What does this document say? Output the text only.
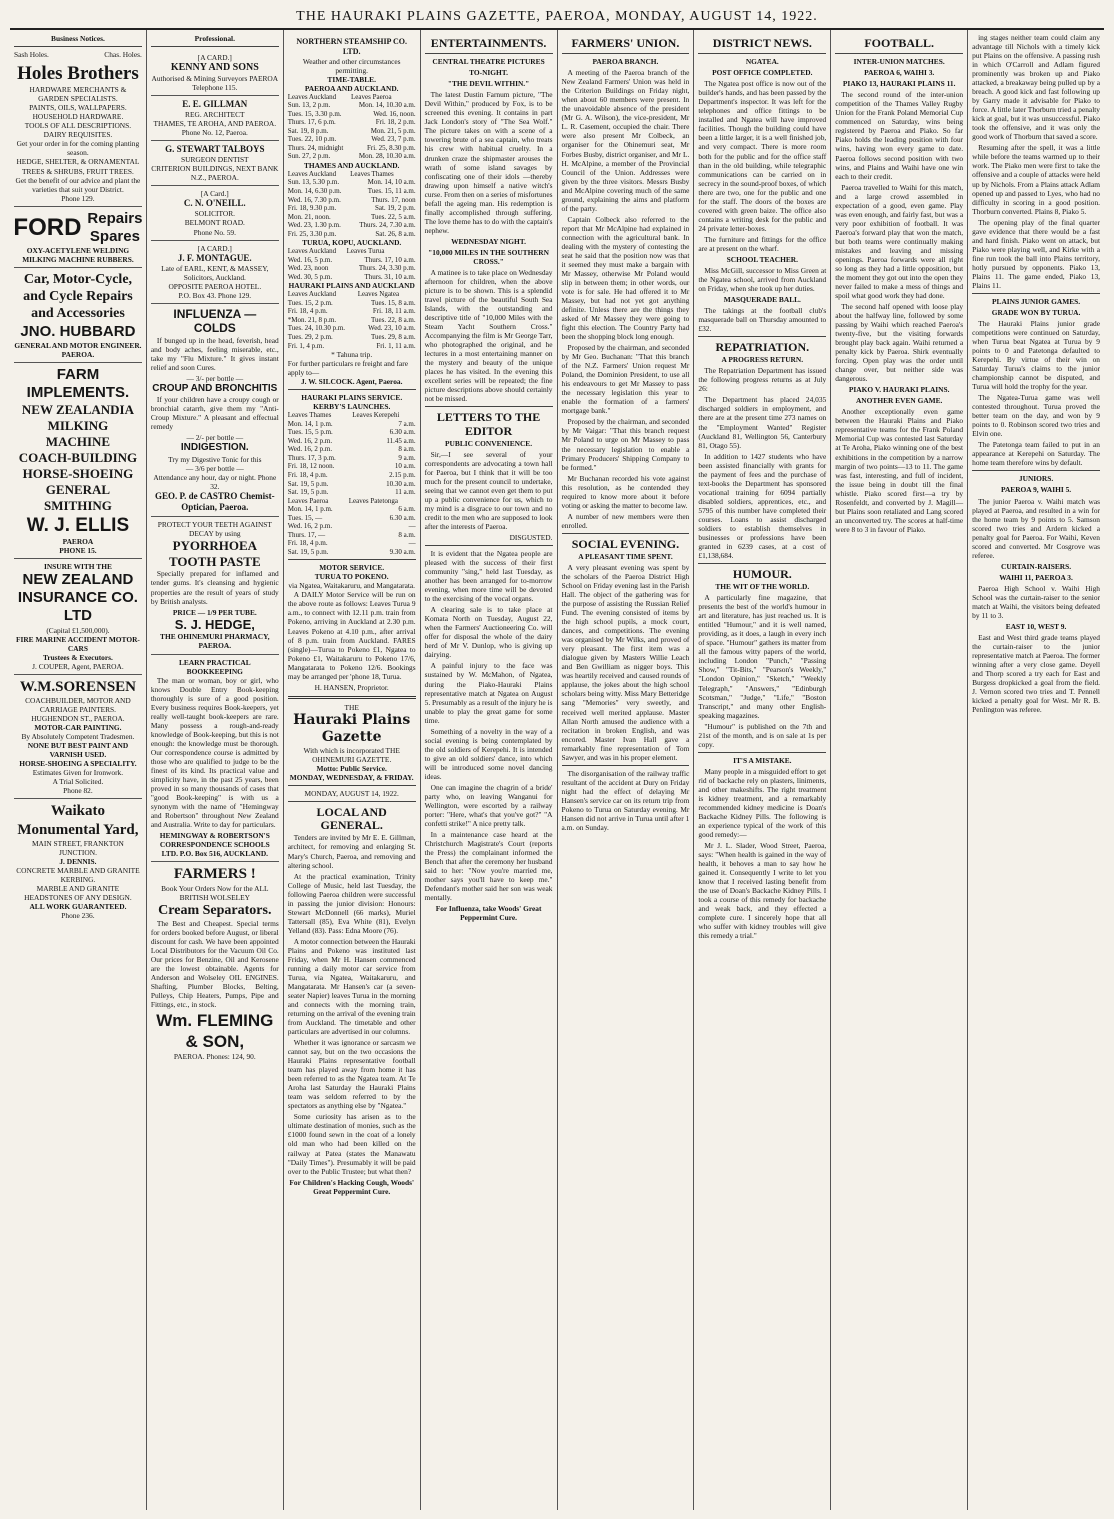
THE HAURAKI PLAINS GAZETTE, PAEROA, MONDAY, AUGUST 14, 1922.
Business Notices.
Sash Holes.	Chas. Holes.
Holes Brothers
HARDWARE MERCHANTS & GARDEN SPECIALISTS.
PAINTS, OILS, WALLPAPERS.
HOUSEHOLD HARDWARE.
TOOLS OF ALL DESCRIPTIONS. DAIRY REQUISITES.
Get your order in for the coming planting season.
HEDGE, SHELTER, & ORNAMENTAL TREES & SHRUBS, FRUIT TREES.
Get the benefit of our advice and plant the varieties that suit your District.
Phone 129.
FORD Repairs Spares
OXY-ACETYLENE WELDING
MILKING MACHINE RUBBERS.
Car, Motor-Cycle, and Cycle Repairs and Accessories
JNO. HUBBARD
GENERAL AND MOTOR ENGINEER.
PAEROA.
FARM IMPLEMENTS.
NEW ZEALANDIA MILKING MACHINE
COACH-BUILDING HORSE-SHOEING GENERAL SMITHING
W. J. ELLIS
PAEROA
PHONE 15.
INSURE WITH THE
NEW ZEALAND INSURANCE CO. LTD
(Capital £1,500,000).
FIRE MARINE ACCIDENT MOTOR-CARS
Trustees & Executors.
J. COUPER, Agent, PAEROA.
W.M.SORENSEN
COACHBUILDER, MOTOR AND CARRIAGE PAINTERS.
HUGHENDON ST., PAEROA.
MOTOR-CAR PAINTING.
By Absolutely Competent Tradesmen.
NONE BUT BEST PAINT AND VARNISH USED.
HORSE-SHOEING A SPECIALITY.
Estimates Given for Ironwork.
A Trial Solicited.
Phone 82.
Waikato Monumental Yard,
MAIN STREET, FRANKTON JUNCTION.
J. DENNIS.
CONCRETE MARBLE AND GRANITE KERBING.
MARBLE AND GRANITE HEADSTONES OF ANY DESIGN.
ALL WORK GUARANTEED.
Phone 236.
Professional.
[A CARD.]
KENNY AND SONS
Authorised & Mining Surveyors PAEROA
Telephone 115.
E. E. GILLMAN
REG. ARCHITECT
THAMES, TE AROHA, AND PAEROA.
Phone No. 12, Paeroa.
G. STEWART TALBOYS
SURGEON DENTIST
CRITERION BUILDINGS, NEXT BANK N.Z., PAEROA.
[A Card.]
C. N. O'NEILL.
SOLICITOR.
BELMONT ROAD.
Phone No. 59.
[A CARD.]
J. F. MONTAGUE.
Late of EARL, KENT, & MASSEY, Solicitors, Auckland.
OPPOSITE PAEROA HOTEL.
P.O. Box 43. Phone 129.
INFLUENZA — COLDS

If bunged up in the head, feverish, head and body aches, feeling miserable, etc., take my "Flu Mixture." It gives instant relief and soon Cures.

— 3/- per bottle —
CROUP AND BRONCHITIS

If your children have a croupy cough or bronchial catarrh, give them my "Anti-Croup Mixture." A pleasant and effectual remedy

— 2/- per bottle —
INDIGESTION.
Try my Digestive Tonic for this
— 3/6 per bottle —
Attendance any hour, day or night. Phone 32.
GEO. P. de CASTRO Chemist-Optician, Paeroa.
PROTECT YOUR TEETH AGAINST DECAY by using
PYORRHOEA TOOTH PASTE

Specially prepared for inflamed and tender gums. It's cleansing and hygienic properties are the result of years of study by British analysts.

PRICE — 1/9 PER TUBE.
S. J. HEDGE,
THE OHINEMURI PHARMACY, PAEROA.
LEARN PRACTICAL BOOKKEEPING

The man or woman, boy or girl, who knows Double Entry Book-keeping thoroughly is sure of a good position. Every business requires Book-keepers, yet really well-taught book-keepers are rare. Many possess a rough-and-ready knowledge of Book-keeping, but this is not enough: the knowledge must be thorough. Our correspondence course is admitted by those who are qualified to judge to be the finest of its kind. Its practical value and simplicity have, in the past 25 years, been proved in so many thousands of cases that "good Book-keeping" is with us a synonym with the name of "Hemingway and Robertson" throughout New Zealand and Australia. Write to day for particulars.

HEMINGWAY & ROBERTSON'S CORRESPONDENCE SCHOOLS LTD. P.O. Box 516, AUCKLAND.
FARMERS !
Book Your Orders Now for the ALL BRITISH WOLSELEY
Cream Separators.

The Best and Cheapest. Special terms for orders booked before August, or liberal discount for cash. We have been appointed Local Distributors for the Vacuum Oil Co. Our prices for Benzine, Oil and Kerosene are the lowest obtainable. Agents for Anderson and Wolseley OIL ENGINES. Shafting, Plumber Blocks, Belting, Pulleys, Chip Heaters, Pumps, Pipe and Fittings, etc., in stock.

Wm. FLEMING & SON,
PAEROA. Phones: 124, 90.
NORTHERN STEAMSHIP CO. LTD.
Weather and other circumstances permitting.
TIME-TABLE.
PAEROA AND AUCKLAND.
Leaves Auckland	Leaves Paeroa
Sun. 13, 2 p.m.	Mon. 14, 10.30 a.m.
Tues. 15, 3.30 p.m.	Wed. 16, noon.
Thurs. 17, 6 p.m.	Fri. 18, 2 p.m.
Sat. 19, 8 p.m.	Mon. 21, 5 p.m.
Tues. 22, 10 p.m.	Wed. 23, 7 p.m.
Thurs. 24, midnight	Fri. 25, 8.30 p.m.
Sun. 27, 2 p.m.	Mon. 28, 10.30 a.m.
THAMES AND AUCKLAND.
Leaves Auckland	Leaves Thames
Sun. 13, 5.30 p.m.	Mon. 14, 10 a.m.
Mon. 14, 6.30 p.m.	Tues. 15, 11 a.m.
Wed. 16, 7.30 p.m.	Thurs. 17, noon
Fri. 18, 9.30 p.m.	Sat. 19, 2 p.m.
Mon. 21, noon.	Tues. 22, 5 a.m.
Wed. 23, 1.30 p.m.	Thurs. 24, 7.30 a.m.
Fri. 25, 3.30 p.m.	Sat. 26, 8 a.m.
TURUA, KOPU, AUCKLAND.
Leaves Auckland	Leaves Turua
Wed. 16, 5 p.m.	Thurs. 17, 10 a.m.
Wed. 23, noon	Thurs. 24, 3.30 p.m.
Wed. 30, 5 p.m.	Thurs. 31, 10 a.m.
HAURAKI PLAINS AND AUCKLAND
Leaves Auckland	Leaves Ngatea
Tues. 15, 2 p.m.	Tues. 15, 8 a.m.
Fri. 18, 4 p.m.	Fri. 18, 11 a.m.
*Mon. 21, 8 p.m.	Tues. 22, 8 a.m.
Tues. 24, 10.30 p.m.	Wed. 23, 10 a.m.
Tues. 29, 2 p.m.	Tues. 29, 8 a.m.
Fri. 1, 4 p.m.	Fri. 1, 11 a.m.
* Tahuna trip.
For further particulars re freight and fare apply to—
J. W. SILCOCK. Agent, Paeroa.
HAURAKI PLAINS SERVICE.
KERBY'S LAUNCHES.
Leaves Thames	Leaves Kerepehi
Mon. 14, 1 p.m.	7 a.m.
Tues. 15, 5 p.m.	6.30 a.m.
Wed. 16, 2 p.m.	11.45 a.m.
Wed. 16, 2 p.m.	8 a.m.
Thurs. 17, 3 p.m.	9 a.m.
Fri. 18, 12 noon.	10 a.m.
Fri. 18, 4 p.m.	2.15 p.m.
Sat. 19, 5 p.m.	10.30 a.m.
Sat. 19, 5 p.m.	11 a.m.
Leaves Paeroa	Leaves Patetonga
Mon. 14, 1 p.m.	6 a.m.
Tues. 15, —	6.30 a.m.
Wed. 16, 2 p.m.	—
Thurs. 17, —	8 a.m.
Fri. 18, 4 p.m.	—
Sat. 19, 5 p.m.	9.30 a.m.
MOTOR SERVICE.
TURUA TO POKENO.
via Ngatea, Waitakaruru, and Mangatarata.

A DAILY Motor Service will be run on the above route as follows: Leaves Turua 9 a.m., to connect with 12.11 p.m. train from Pokeno, arriving in Auckland at 2.30 p.m. Leaves Pokeno at 4.10 p.m., after arrival of 8 p.m. train from Auckland. FARES (single)—Turua to Pokeno £1, Ngatea to Pokeno £1, Waitakaruru to Pokeno 17/6, Mangatarata to Pokeno 12/6. Bookings may be arranged per 'phone 18, Turua.

H. HANSEN, Proprietor.
THE
Hauraki Plains Gazette
With which is incorporated THE OHINEMURI GAZETTE.
Motto: Public Service.
MONDAY, WEDNESDAY, & FRIDAY.
MONDAY, AUGUST 14, 1922.
LOCAL AND GENERAL.

Tenders are invited by Mr E. E. Gillman, architect, for removing and enlarging St. Mary's Church, Paeroa, and removing and altering school.

At the practical examination, Trinity College of Music, held last Tuesday, the following Paeroa children were successful in passing the junior division: Honours: Stewart McDonnell (66 marks), Muriel Tattersall (85), Eva White (81), Evelyn Yelland (83). Pass: Edna Moore (76).

A motor connection between the Hauraki Plains and Pokeno was instituted last Friday, when Mr H. Hansen commenced running a daily motor car service from Turua, via Ngatea, Waitakaruru, and Mangatarata. Mr Hansen's car (a seven-seater Napier) leaves Turua in the morning and connects with the morning train, returning on the arrival of the evening train from Auckland. The timetable and other particulars are advertised in our columns.

Whether it was ignorance or sarcasm we cannot say, but on the two occasions the Hauraki Plains representative football team has played away from home it has been referred to as the Ngatea team. At Te Aroha last Saturday the Hauraki Plains team was seldom referred to by the spectators as anything else by "Ngatea."

Some curiosity has arisen as to the ultimate destination of monies, such as the £1000 found sewn in the coat of a lonely old man who had been killed on the railway at Patea (states the Manawatu "Daily Times"). Presumably it will be paid over to the Public Trustee; but what then?

For Children's Hacking Cough, Woods' Great Peppermint Cure.
ENTERTAINMENTS.
CENTRAL THEATRE PICTURES
TO-NIGHT.
"THE DEVIL WITHIN."

The latest Dustin Farnum picture, "The Devil Within," produced by Fox, is to be screened this evening. It contains in part Jack London's story of "The Sea Wolf." The picture takes on with a scene of a towering brute of a sea captain, who treats his crew with habitual cruelty. In a drunken craze the shipmaster arouses the wrath of some island savages by confiscating one of their idols —thereby drawing upon himself a native witch's curse. From then on a series of misfortunes befall the ageing man. His redemption is finally accomplished through suffering. The love theme has to do with the captain's nephew.

WEDNESDAY NIGHT.
"10,000 MILES IN THE SOUTHERN CROSS."

A matinee is to take place on Wednesday afternoon for children, when the above picture is to be shown. This is a splendid travel picture of the beautiful South Sea Islands, with the outstanding and descriptive title of "10,000 Miles with the Steam Yacht Southern Cross." Accompanying the film is Mr George Tarr, who photographed the original, and he lectures in a most entertaining manner on the mystery and beauty of the unique places he has visited. In the evening this excellent series will be repeated; the fine picture descriptions above should certainly not be missed.

LETTERS TO THE EDITOR
PUBLIC CONVENIENCE.

Sir,—I see several of your correspondents are advocating a town hall for Paeroa, but I think that it will be too much for the present council to undertake, seeing that we cannot even get them to put up a public convenience for us, which to my mind is a disgrace to our town and no credit to the men who are supposed to look after the interests of Paeroa.

DISGUSTED.

It is evident that the Ngatea people are pleased with the success of their first community "sing," held last Tuesday, as another has been arranged for to-morrow evening, when more time will be devoted to the exercising of the vocal organs.

A clearing sale is to take place at Komata North on Tuesday, August 22, when the Farmers' Auctioneering Co. will offer for disposal the whole of the dairy herd of Mr V. Dunlop, who is giving up dairying.

A painful injury to the face was sustained by W. McMahon, of Ngatea, during the Piako-Hauraki Plains representative match at Ngatea on August 5. Presumably as a result of the injury he is unable to play the great game for some time.

Something of a novelty in the way of a social evening is being contemplated by the old soldiers of Kerepehi. It is intended to give an old soldiers' dance, into which will be introduced some novel dancing ideas.

One can imagine the chagrin of a bride' party who, on leaving Wanganui for Wellington, were escorted by a railway porter: "Here, what's that you've got?" "A confetti strike!" A nice pretty talk.

In a maintenance case heard at the Christchurch Magistrate's Court (reports the Press) the complainant informed the Bench that after the ceremony her husband said to her: "Now you're married me, mother says you'll have to keep me." Defendant's mother said her son was weak mentally.

For Influenza, take Woods' Great Peppermint Cure.
FARMERS' UNION.
PAEROA BRANCH.

A meeting of the Paeroa branch of the New Zealand Farmers' Union was held in the Criterion Buildings on Friday night, when about 60 members were present. In the unavoidable absence of the president (Mr G. A. Wilson), the vice-president, Mr L. R. Casement, occupied the chair. There were also present Mr Colbeck, an organiser for the Ohinemuri seat, Mr Forbes Busby, district organiser, and Mr L. H. McAlpine, a member of the Provincial Council of the Union. Addresses were given by the three visitors. Messrs Busby and McAlpine covering much of the same ground, explaining the aims and platform of the party.

Captain Colbeck also referred to the report that Mr McAlpine had explained in connection with the agricultural bank. In dealing with the mystery of contesting the seat he said that the position now was that it seemed they must make a bargain with Mr Massey, otherwise Mr Poland would slip in between them; in other words, our vote is for sale. He had offered it to Mr Massey, but had not yet got anything definite. Unless there are the things they asked of Mr Massey they were going to fight this election. The Country Party had been the shopping block long enough.

Proposed by the chairman, and seconded by Mr Geo. Buchanan: "That this branch of the N.Z. Farmers' Union request Mr Poland, the Dominion President, to use all his endeavours to get Mr Massey to pass the necessary legislation this year to enable the formation of a farmers' mortgage bank."

Proposed by the chairman, and seconded by Mr Vaigar: "That this branch request Mr Poland to urge on Mr Massey to pass the necessary legislation to enable a Primary Producers' Shipping Company to be formed."

Mr Buchanan recorded his vote against this resolution, as he contended they required to know more about it before voting or asking the matter to become law.

A number of new members were then enrolled.

SOCIAL EVENING.
A PLEASANT TIME SPENT.

A very pleasant evening was spent by the scholars of the Paeroa District High School on Friday evening last in the Parish Hall. The object of the gathering was for the purpose of assisting the Russian Relief Fund. The evening consisted of items by the high school pupils, a mock court, dances, and competitions. The evening was organised by Mr Wilks, and proved of very pleasant. The first item was a dialogue given by Masters Willie Leach and Ben Gwilliam as nigger boys. This was heartily received and caused rounds of applause, the jokes about the high school scholars being witty. Miss Mary Betteridge sang "Memories" very sweetly, and received well merited applause. Master Allan North amused the audience with a recitation in broken English, and was encored. Master Ivan Hall gave a remarkably fine representation of Tom Sawyer, and was in his proper element.

The disorganisation of the railway traffic resultant of the accident at Dury on Friday night had the effect of delaying Mr Hansen's service car on its return trip from Pokeno to Turua on Saturday evening. Mr Hansen did not arrive in Turua until after 1 a.m. on Sunday.

DISTRICT NEWS.
NGATEA.
POST OFFICE COMPLETED.

The Ngatea post office is now out of the builder's hands, and has been passed by the Department's inspector. It was left for the telephones and office fittings to be installed and Ngatea will have improved facilities. Though the building could have been a little larger, it is a well finished job, and very compact. There is more room both for the public and for the office staff than in the old building, while telegraphic communications can be carried on in secrecy in the sound-proof boxes, of which there are two, one for the public and one for the staff. The doors of the boxes are covered with green baize. The office also contains a writing desk for the public and 24 private letter-boxes.

The furniture and fittings for the office are at present on the wharf.

SCHOOL TEACHER.

Miss McGill, successor to Miss Green at the Ngatea school, arrived from Auckland on Friday, when she took up her duties.

MASQUERADE BALL.

The takings at the football club's masquerade ball on Thursday amounted to £32.

REPATRIATION.
A PROGRESS RETURN.

The Repatriation Department has issued the following progress returns as at July 26:

The Department has placed 24,035 discharged soldiers in employment, and there are at the present time 273 names on the "Employment Wanted" Register (Auckland 81, Wellington 56, Canterbury 81, Otago 55).

In addition to 1427 students who have been assisted financially with grants for the payment of fees and the purchase of text-books the Department has sponsored vocational training for 6094 partially disabled soldiers, apprentices, etc., and 5795 of this number have completed their courses. Loans to assist discharged soldiers to establish themselves in businesses or professions have been granted in 6239 cases, at a cost of £1,138,684.

HUMOUR.
THE WIT OF THE WORLD.

A particularly fine magazine, that presents the best of the world's humour in art and literature, has just reached us. It is entitled "Humour," and it is well named, providing, as it does, a laugh in every inch of space. "Humour" gathers its matter from all the famous witty papers of the world, including London "Punch," "Passing Show," "Tit-Bits," "Pearson's Weekly," "London Opinion," "Sketch," "Weekly Telegraph," "Answers," "Edinburgh Scotsman," "Judge," "Life," "Boston Transcript," and many other English-speaking magazines.

"Humour" is published on the 7th and 21st of the month, and is on sale at 1s per copy.

IT'S A MISTAKE.

Many people in a misguided effort to get rid of backache rely on plasters, liniments, and other makeshifts. The right treatment is kidney treatment, and a remarkably recommended kidney medicine is Doan's Backache Kidney Pills. The following is an experience typical of the work of this good remedy:—

Mr J. L. Slader, Wood Street, Paeroa, says: "When health is gained in the way of health, it behoves a man to say how he gained it. Consequently I write to let you know that I received lasting benefit from the use of Doan's Backache Kidney Pills. I took a course of this remedy for backache and weak back, and they effected a complete cure. I sincerely hope that all who suffer with kidney troubles will give this remedy a trial."

FOOTBALL.
INTER-UNION MATCHES.
PAEROA 6, WAIHI 3.
PIAKO 13, HAURAKI PLAINS 11.

The second round of the inter-union competition of the Thames Valley Rugby Union for the Frank Poland Memorial Cup commenced on Saturday, wins being registered by Paeroa and Piako. So far Piako holds the leading position with four wins, having won every game to date. Paeroa follows second position with two wins, and Plains and Waihi have one win each to their credit.

Paeroa travelled to Waihi for this match, and a large crowd assembled in expectation of a good, even game. Play was even enough, and fairly fast, but was a very poor exhibition of football. It was Paeroa's forward play that won the match, but both teams were continually making mistakes and leaving and missing openings. Paeroa forwards were all right so long as they had a little opposition, but the moment they got out into the open they never failed to make a mess of things and spoil what good work they had done.

The second half opened with loose play about the halfway line, followed by some passing by Waihi which reached Paeroa's twenty-five, but the visiting forwards brought play back again. Waihi returned a penalty kick by Paeroa. Shirk eventually forcing. Open play was the order until change over, but neither side was dangerous.

PIAKO V. HAURAKI PLAINS.
ANOTHER EVEN GAME.

Another exceptionally even game between the Hauraki Plains and Piako representative teams for the Frank Poland Memorial Cup was contested last Saturday at Te Aroha, Piako winning one of the best exhibitions in the competition by a narrow margin of two points—13 to 11. The game was fast, interesting, and full of incident, the issue being in doubt till the final whistle. Piako scored first—a try by Rosenfeldt, and converted by J. Magill—but Plains soon retaliated and Lang scored an unconverted try. The scores at half-time were 8 to 3 in favour of Piako.

ing stages neither team could claim any advantage till Nichols with a timely kick put Plains on the offensive. A passing rush in which O'Carroll and Adlam figured prominently was broken up and Piako attacked, a breakaway being pulled up by a breach. A good kick and fast following up by Garry made it advisable for Piako to force. A little later Thorburn tried a penalty kick at goal, but it was unsuccessful. Piako took the offensive, and it was only the good work of Thorburn that saved a score.

Resuming after the spell, it was a little while before the teams warmed up to their work. The Piako men were first to take the offensive and a couple of attacks were held up by Nichols. From a Plains attack Adlam opened up and passed to Lyes, who had no difficulty in scoring in a good position. Thorburn converted. Plains 8, Piako 5.

The opening play of the final quarter gave evidence that there would be a fast and hard finish. Piako went on attack, but Piako were playing well, and Kirke with a fine run took the ball into Plains territory, hotly pursued by opponents. Piako 13, Plains 11. The game ended, Piako 13, Plains 11.

PLAINS JUNIOR GAMES.
GRADE WON BY TURUA.

The Hauraki Plains junior grade competitions were continued on Saturday, when Turua beat Ngatea at Turua by 9 points to 0 and Patetonga defaulted to Kerepehi. By virtue of their win on Saturday Turua's claims to the junior championship cannot be disputed, and Turua will hold the trophy for the year.

The Ngatea-Turua game was well contested throughout. Turua proved the better team on the day, and won by 9 points to 0. Robinson scored two tries and Elvin one.

The Patetonga team failed to put in an appearance at Kerepehi on Saturday. The home team therefore wins by default.

JUNIORS.
PAEROA 9, WAIHI 5.

The junior Paeroa v. Waihi match was played at Paeroa, and resulted in a win for the home team by 9 points to 5. Samson scored two tries and Ardern kicked a penalty goal for Paeroa. For Waihi, Keven scored and converted. Mr Cosgrove was referee.

CURTAIN-RAISERS.
WAIHI 11, PAEROA 3.

Paeroa High School v. Waihi High School was the curtain-raiser to the senior match at Waihi, the visitors being defeated by 11 to 3.

EAST 10, WEST 9.

East and West third grade teams played the curtain-raiser to the junior representative match at Paeroa. The former winning after a very close game. Deyell and Thorp scored a try each for East and Burgess dropkicked a goal from the field. J. Vernon scored two tries and T. Pennell kicked a penalty goal for West. Mr R. B. Penlington was referee.
